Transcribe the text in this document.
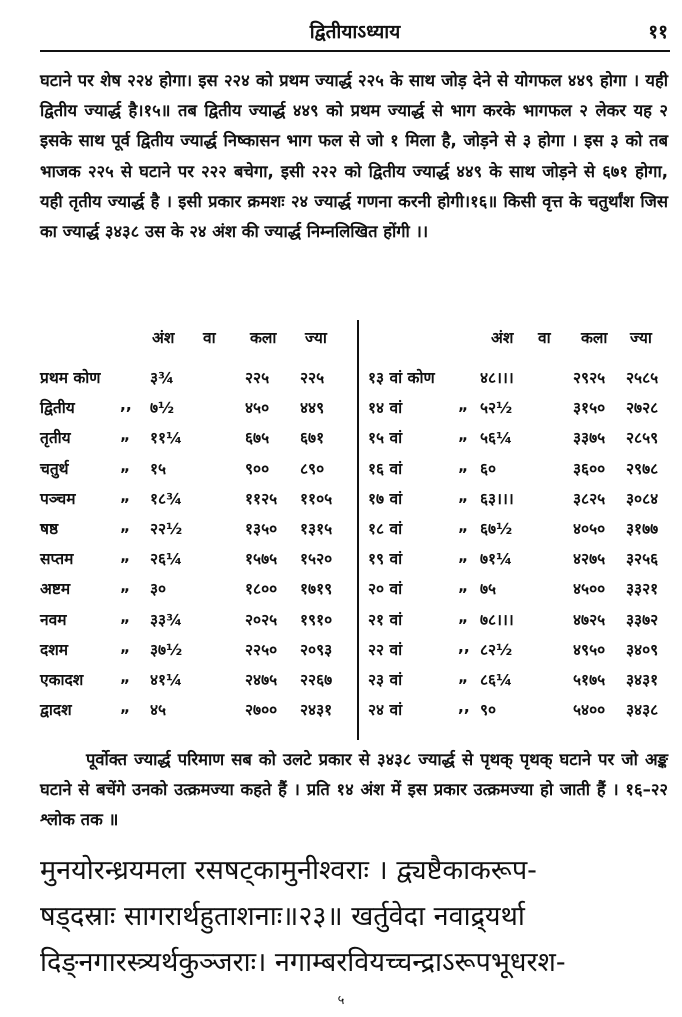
द्वितीयाऽध्याय	११

घटाने पर शेष २२४ होगा। इस २२४ को प्रथम ज्यार्द्ध २२५ के साथ जोड़ देने से योगफल ४४९ होगा । यही द्वितीय ज्यार्द्ध है।१५॥ तब द्वितीय ज्यार्द्ध ४४९ को प्रथम ज्यार्द्ध से भाग करके भागफल २ लेकर यह २ इसके साथ पूर्व द्वितीय ज्यार्द्ध निष्कासन भाग फल से जो १ मिला है, जोड़ने से ३ होगा । इस ३ को तब भाजक २२५ से घटाने पर २२२ बचेगा, इसी २२२ को द्वितीय ज्यार्द्ध ४४९ के साथ जोड़ने से ६७१ होगा, यही तृतीय ज्यार्द्ध है । इसी प्रकार क्रमशः २४ ज्यार्द्ध गणना करनी होगी।१६॥ किसी वृत्त के चतुर्थांश जिस का ज्यार्द्ध ३४३८ उस के २४ अंश की ज्यार्द्ध निम्नलिखित होंगी ।।

अंश वा कला ज्या
प्रथम कोण	३¾	२२५ २२५
द्वितीय	,, ७½	४५० ४४९
तृतीय	„ ११¼	६७५ ६७१
चतुर्थ	„ १५	९०० ८९०
पञ्चम	„ १८¾	११२५ ११०५
षष्ठ	„ २२½	१३५० १३१५
सप्तम	„ २६¼	१५७५ १५२०
अष्टम	„ ३०	१८०० १७१९
नवम	„ ३३¾	२०२५ १९१०
दशम	„ ३७½	२२५० २०९३
एकादश „ ४१¼	२४७५ २२६७
द्वादश	„ ४५	२७०० २४३१
अंश वा कला ज्या
१३ वां कोण	४८।।।	२९२५ २५८५
१४ वां	„ ५२½	३१५० २७२८
१५ वां	„ ५६¼	३३७५ २८५९
१६ वां	„ ६०	३६०० २९७८
१७ वां	„ ६३।।।	३८२५ ३०८४
१८ वां	„ ६७½	४०५० ३१७७
१९ वां	„ ७१¼	४२७५ ३२५६
२० वां	„ ७५	४५०० ३३२१
२१ वां	„ ७८।।।	४७२५ ३३७२
२२ वां	,, ८२½	४९५० ३४०९
२३ वां	„ ८६¼	५१७५ ३४३१
२४ वां	,, ९०	५४०० ३४३८

पूर्वोक्त ज्यार्द्ध परिमाण सब को उलटे प्रकार से ३४३८ ज्यार्द्ध से पृथक् पृथक् घटाने पर जो अङ्क घटाने से बचेंगे उनको उत्क्रमज्या कहते हैं । प्रति १४ अंश में इस प्रकार उत्क्रमज्या हो जाती हैं । १६–२२ श्लोक तक ॥

मुनयोरन्ध्रयमला रसषट्कामुनीश्वराः । द्व्यष्टैकाकरूप-
षड्दस्राः सागरार्थहुताशनाः॥२३॥ खर्तुवेदा नवाद्र्यर्था
दिङ्नगारस्त्र्यर्थकुञ्जराः। नगाम्बरवियच्चन्द्राऽरूपभूधरश-
५
